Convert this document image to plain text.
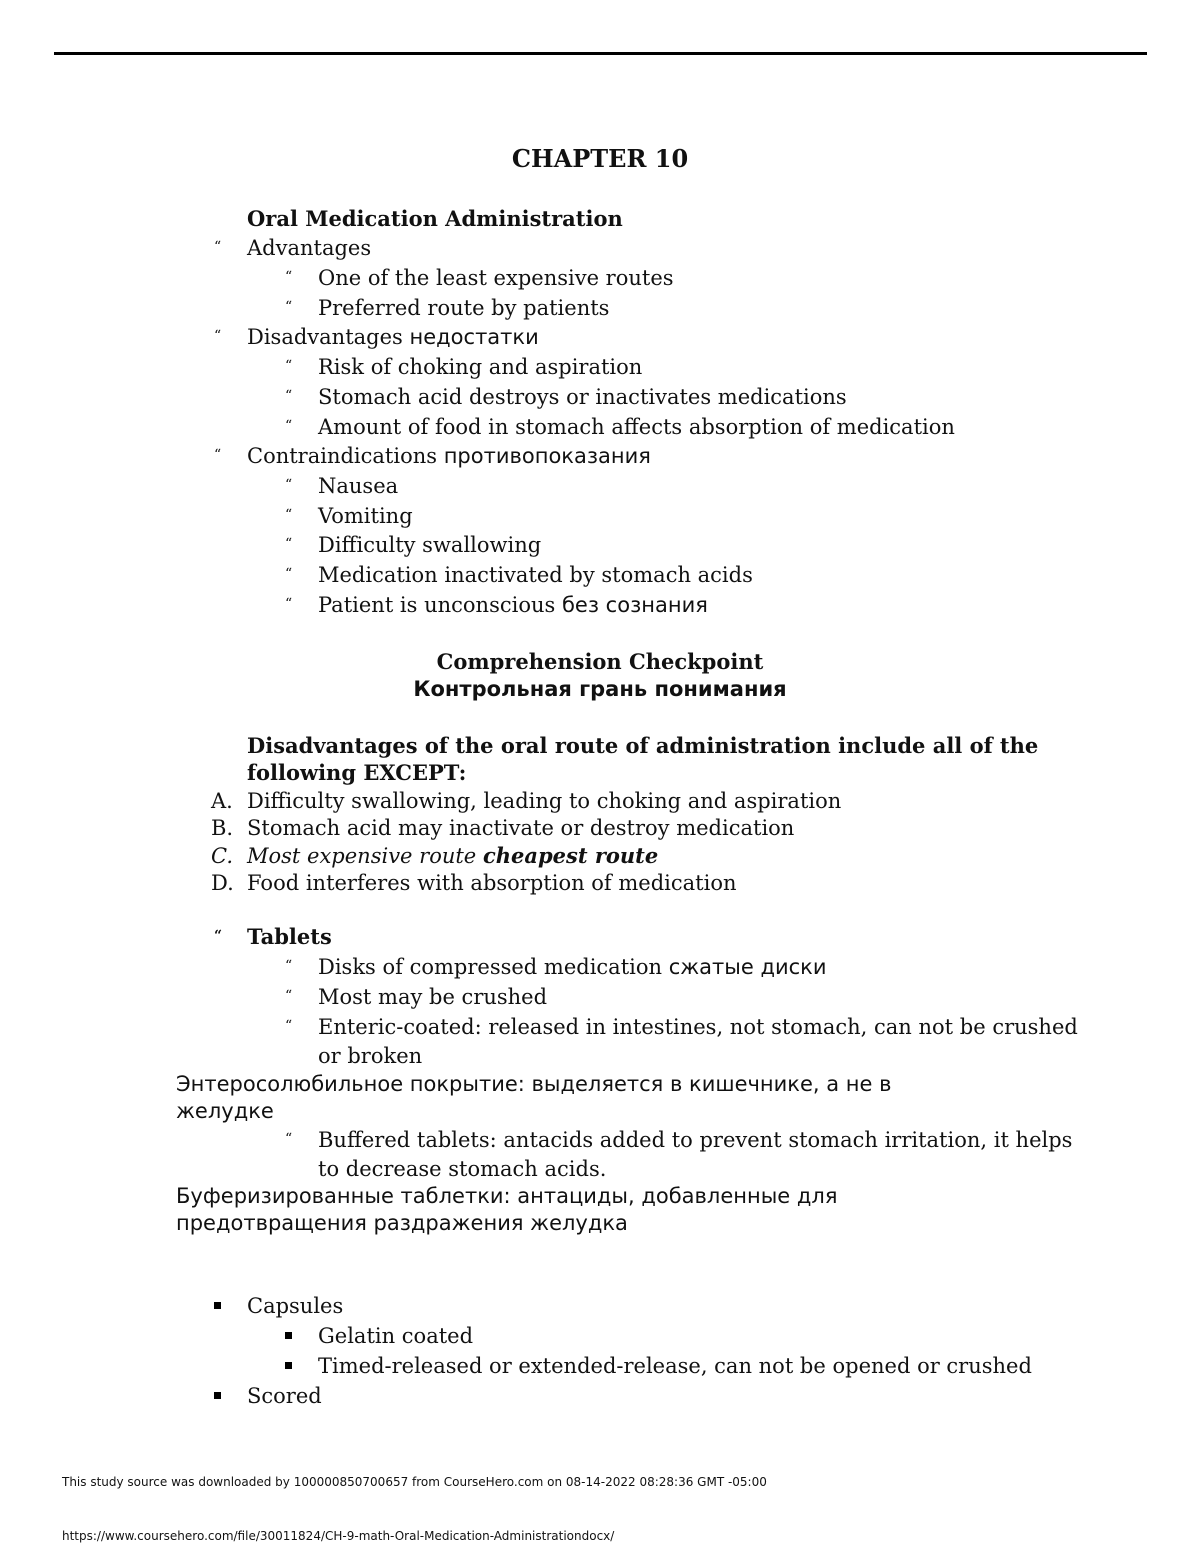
CHAPTER 10
Oral Medication Administration
“ Advantages
“ One of the least expensive routes
“ Preferred route by patients
“ Disadvantages недостатки
“ Risk of choking and aspiration
“ Stomach acid destroys or inactivates medications
“ Amount of food in stomach affects absorption of medication
“ Contraindications противопоказания
“ Nausea
“ Vomiting
“ Difficulty swallowing
“ Medication inactivated by stomach acids
“ Patient is unconscious без сознания
Comprehension Checkpoint
Контрольная грань понимания
Disadvantages of the oral route of administration include all of the
following EXCEPT:
A. Difficulty swallowing, leading to choking and aspiration
B. Stomach acid may inactivate or destroy medication
C. Most expensive route cheapest route
D. Food interferes with absorption of medication
“ Tablets
“ Disks of compressed medication сжатые диски
“ Most may be crushed
“ Enteric-coated: released in intestines, not stomach, can not be crushed
or broken
Энтеросолюбильное покрытие: выделяется в кишечнике, а не в
желудке
“ Buffered tablets: antacids added to prevent stomach irritation, it helps
to decrease stomach acids.
Буферизированные таблетки: антациды, добавленные для
предотвращения раздражения желудка
Capsules
Gelatin coated
Timed-released or extended-release, can not be opened or crushed
Scored
This study source was downloaded by 100000850700657 from CourseHero.com on 08-14-2022 08:28:36 GMT -05:00
https://www.coursehero.com/file/30011824/CH-9-math-Oral-Medication-Administrationdocx/
